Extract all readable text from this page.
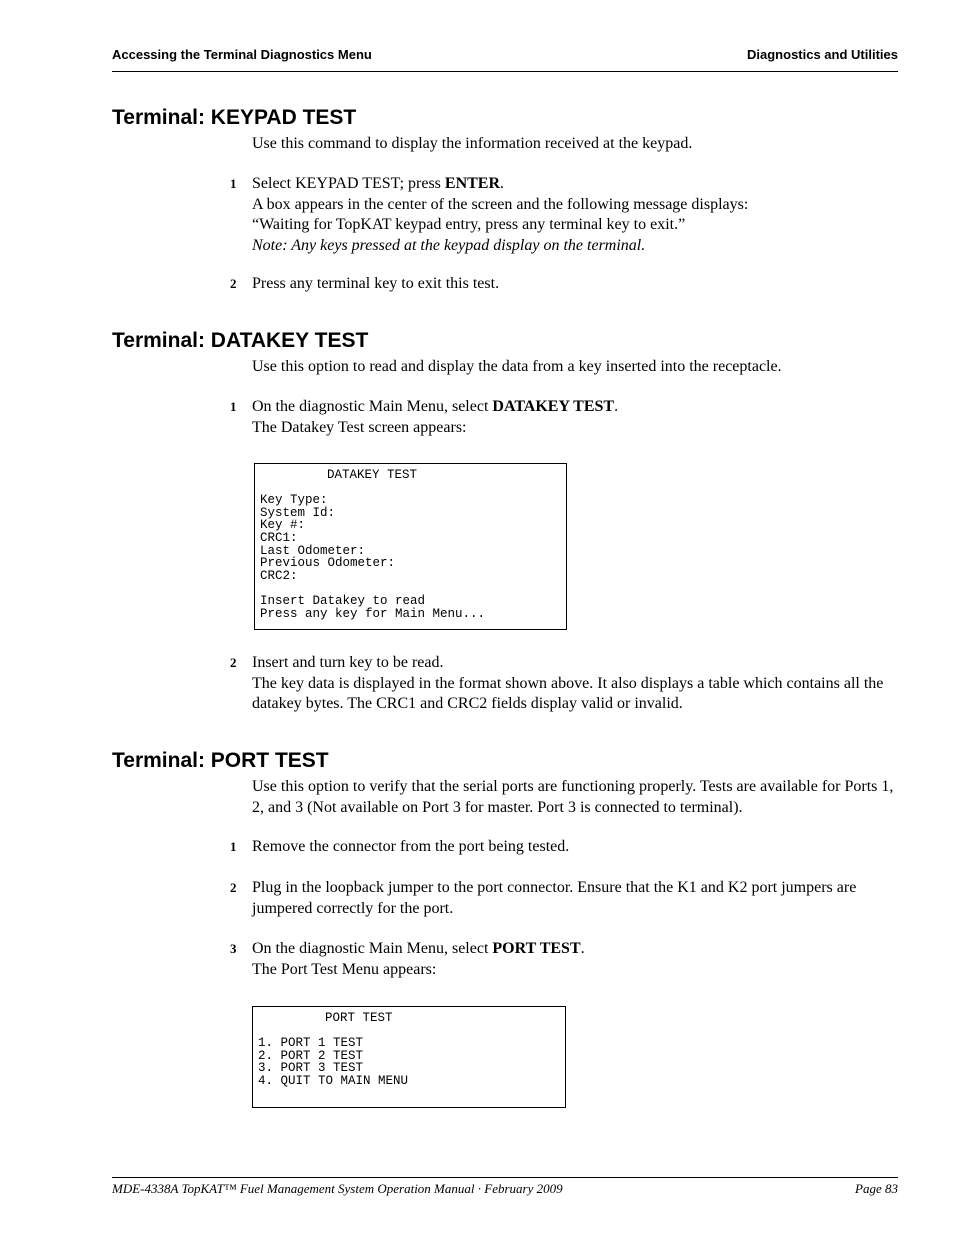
Accessing the Terminal Diagnostics Menu	Diagnostics and Utilities
Terminal: KEYPAD TEST
Use this command to display the information received at the keypad.
1 Select KEYPAD TEST; press ENTER.
A box appears in the center of the screen and the following message displays:
“Waiting for TopKAT keypad entry, press any terminal key to exit.”
Note: Any keys pressed at the keypad display on the terminal.
2 Press any terminal key to exit this test.
Terminal: DATAKEY TEST
Use this option to read and display the data from a key inserted into the receptacle.
1 On the diagnostic Main Menu, select DATAKEY TEST.
The Datakey Test screen appears:
DATAKEY TEST
Key Type:
System Id:
Key #:
CRC1:
Last Odometer:
Previous Odometer:
CRC2:
Insert Datakey to read
Press any key for Main Menu...
2 Insert and turn key to be read.
The key data is displayed in the format shown above. It also displays a table which contains all the datakey bytes. The CRC1 and CRC2 fields display valid or invalid.
Terminal: PORT TEST
Use this option to verify that the serial ports are functioning properly. Tests are available for Ports 1, 2, and 3 (Not available on Port 3 for master. Port 3 is connected to terminal).
1 Remove the connector from the port being tested.
2 Plug in the loopback jumper to the port connector. Ensure that the K1 and K2 port jumpers are jumpered correctly for the port.
3 On the diagnostic Main Menu, select PORT TEST.
The Port Test Menu appears:
PORT TEST
1. PORT 1 TEST
2. PORT 2 TEST
3. PORT 3 TEST
4. QUIT TO MAIN MENU
MDE-4338A TopKAT™ Fuel Management System Operation Manual · February 2009	Page 83
